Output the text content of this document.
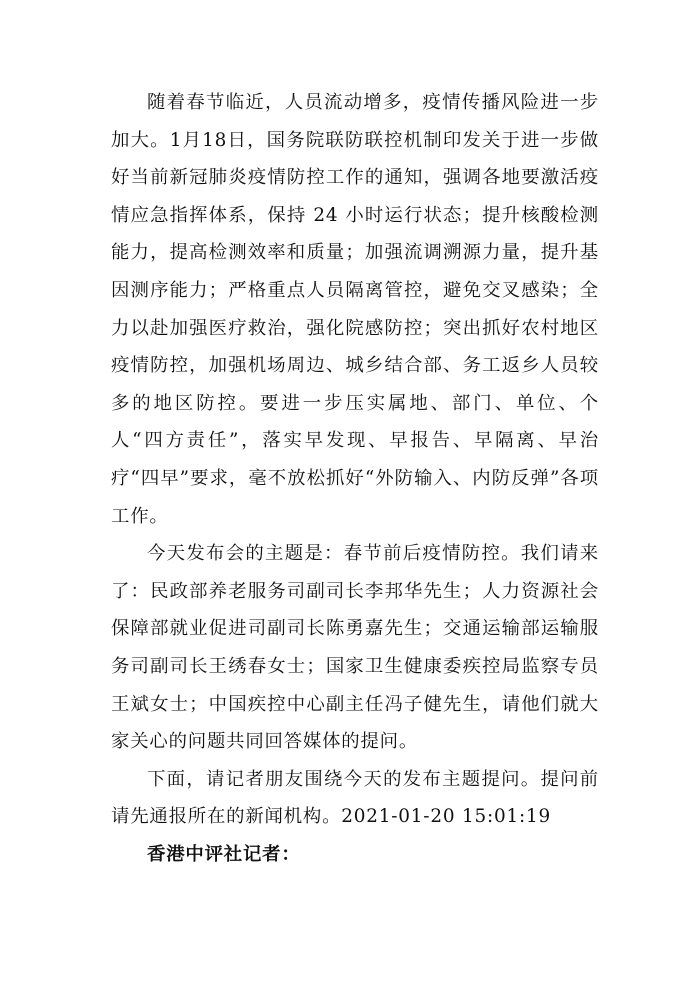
随着春节临近，人员流动增多，疫情传播风险进一步加大。1月18日，国务院联防联控机制印发关于进一步做好当前新冠肺炎疫情防控工作的通知，强调各地要激活疫情应急指挥体系，保持 24 小时运行状态；提升核酸检测能力，提高检测效率和质量；加强流调溯源力量，提升基因测序能力；严格重点人员隔离管控，避免交叉感染；全力以赴加强医疗救治，强化院感防控；突出抓好农村地区疫情防控，加强机场周边、城乡结合部、务工返乡人员较多的地区防控。要进一步压实属地、部门、单位、个人“四方责任”，落实早发现、早报告、早隔离、早治疗“四早”要求，毫不放松抓好“外防输入、内防反弹”各项工作。

今天发布会的主题是：春节前后疫情防控。我们请来了：民政部养老服务司副司长李邦华先生；人力资源社会保障部就业促进司副司长陈勇嘉先生；交通运输部运输服务司副司长王绣春女士；国家卫生健康委疾控局监察专员王斌女士；中国疾控中心副主任冯子健先生，请他们就大家关心的问题共同回答媒体的提问。

下面，请记者朋友围绕今天的发布主题提问。提问前请先通报所在的新闻机构。2021-01-20 15:01:19

香港中评社记者：
